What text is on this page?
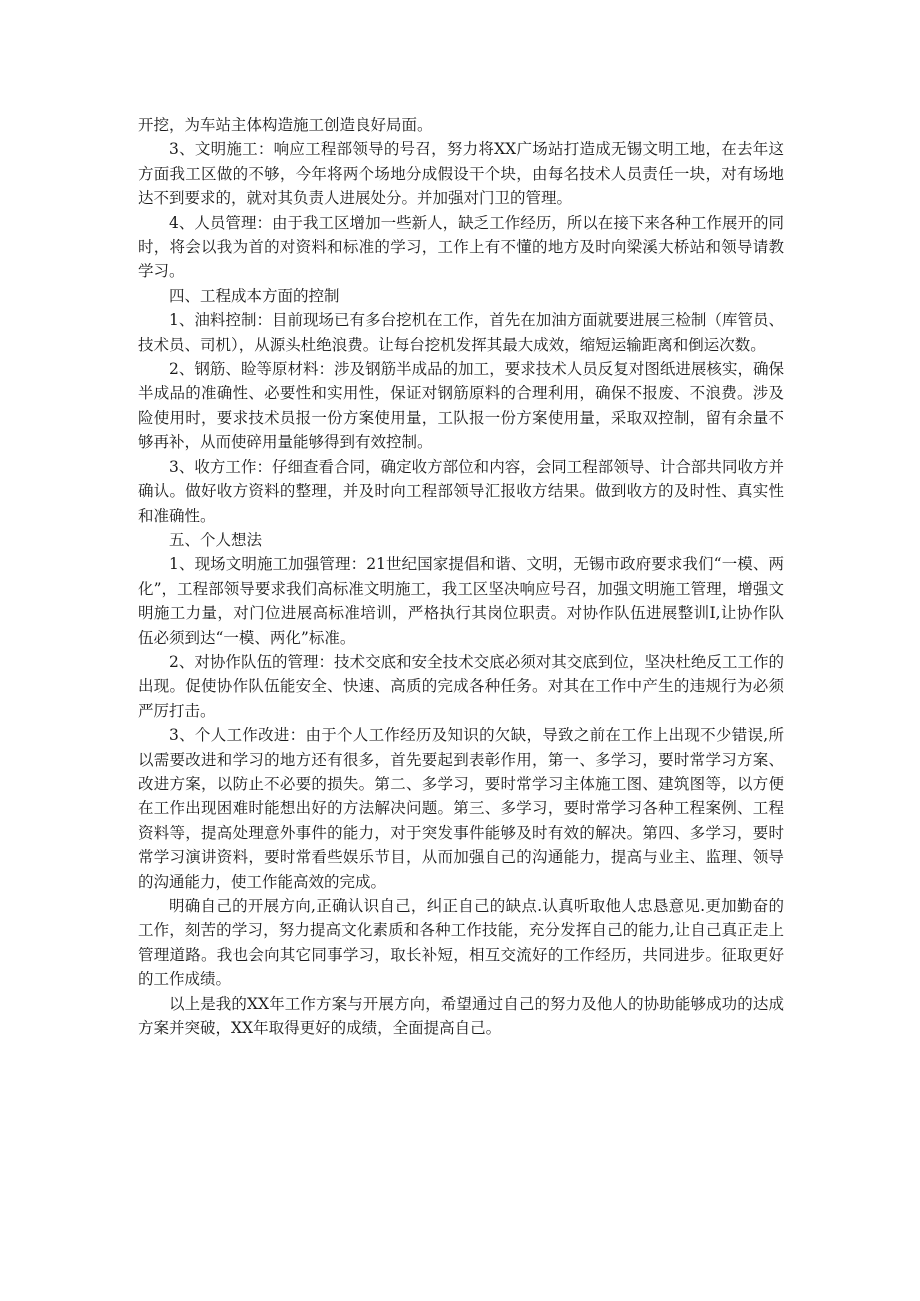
开挖，为车站主体构造施工创造良好局面。

3、文明施工：响应工程部领导的号召，努力将XX广场站打造成无锡文明工地，在去年这方面我工区做的不够，今年将两个场地分成假设干个块，由每名技术人员责任一块，对有场地达不到要求的，就对其负责人进展处分。并加强对门卫的管理。

4、人员管理：由于我工区增加一些新人，缺乏工作经历，所以在接下来各种工作展开的同时，将会以我为首的对资料和标准的学习，工作上有不懂的地方及时向梁溪大桥站和领导请教学习。

四、工程成本方面的控制

1、油料控制：目前现场已有多台挖机在工作，首先在加油方面就要进展三检制（库管员、技术员、司机），从源头杜绝浪费。让每台挖机发挥其最大成效，缩短运输距离和倒运次数。

2、钢筋、睑等原材料：涉及钢筋半成品的加工，要求技术人员反复对图纸进展核实，确保半成品的准确性、必要性和实用性，保证对钢筋原料的合理利用，确保不报废、不浪费。涉及险使用时，要求技术员报一份方案使用量，工队报一份方案使用量，采取双控制，留有余量不够再补，从而使碎用量能够得到有效控制。

3、收方工作：仔细查看合同，确定收方部位和内容，会同工程部领导、计合部共同收方并确认。做好收方资料的整理，并及时向工程部领导汇报收方结果。做到收方的及时性、真实性和准确性。

五、个人想法

1、现场文明施工加强管理：21世纪国家提倡和谐、文明，无锡市政府要求我们“一模、两化”，工程部领导要求我们高标准文明施工，我工区坚决响应号召，加强文明施工管理，增强文明施工力量，对门位进展高标准培训，严格执行其岗位职责。对协作队伍进展整训I,让协作队伍必须到达“一模、两化”标准。

2、对协作队伍的管理：技术交底和安全技术交底必须对其交底到位，坚决杜绝反工工作的出现。促使协作队伍能安全、快速、高质的完成各种任务。对其在工作中产生的违规行为必须严厉打击。

3、个人工作改进：由于个人工作经历及知识的欠缺，导致之前在工作上出现不少错误,所以需要改进和学习的地方还有很多，首先要起到表彰作用，第一、多学习，要时常学习方案、改进方案，以防止不必要的损失。第二、多学习，要时常学习主体施工图、建筑图等，以方便在工作出现困难时能想出好的方法解决问题。第三、多学习，要时常学习各种工程案例、工程资料等，提高处理意外事件的能力，对于突发事件能够及时有效的解决。第四、多学习，要时常学习演讲资料，要时常看些娱乐节目，从而加强自己的沟通能力，提高与业主、监理、领导的沟通能力，使工作能高效的完成。

明确自己的开展方向,正确认识自己，纠正自己的缺点.认真听取他人忠恳意见.更加勤奋的工作，刻苦的学习，努力提高文化素质和各种工作技能，充分发挥自己的能力,让自己真正走上管理道路。我也会向其它同事学习，取长补短，相互交流好的工作经历，共同进步。征取更好的工作成绩。

以上是我的XX年工作方案与开展方向，希望通过自己的努力及他人的协助能够成功的达成方案并突破，XX年取得更好的成绩，全面提高自己。
